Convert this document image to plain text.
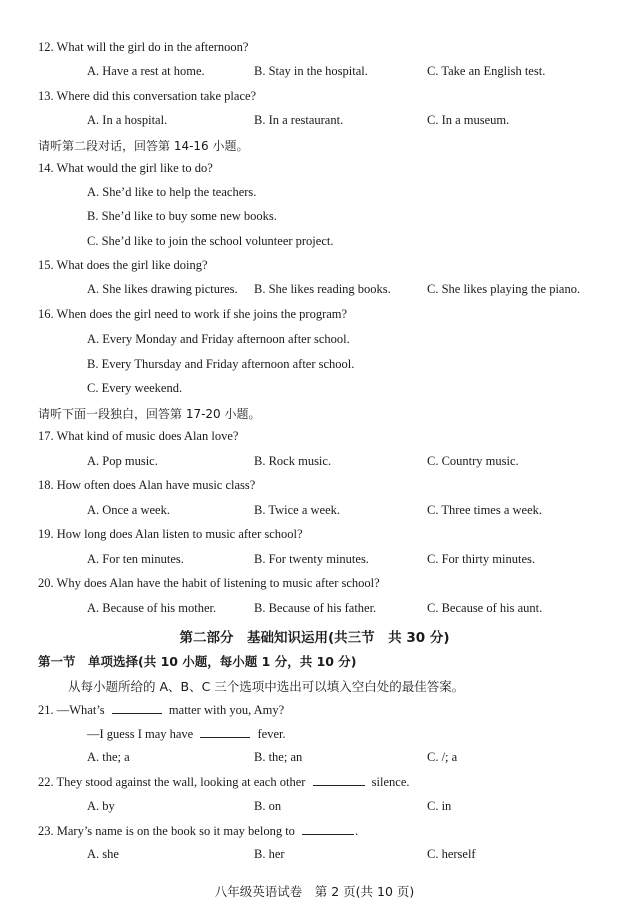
12. What will the girl do in the afternoon?
A. Have a rest at home.	B. Stay in the hospital.	C. Take an English test.
13. Where did this conversation take place?
A. In a hospital.	B. In a restaurant.	C. In a museum.
请听第二段对话，回答第 14-16 小题。
14. What would the girl like to do?
A. She’d like to help the teachers.
B. She’d like to buy some new books.
C. She’d like to join the school volunteer project.
15. What does the girl like doing?
A. She likes drawing pictures. B. She likes reading books.	C. She likes playing the piano.
16. When does the girl need to work if she joins the program?
A. Every Monday and Friday afternoon after school.
B. Every Thursday and Friday afternoon after school.
C. Every weekend.
请听下面一段独白，回答第 17-20 小题。
17. What kind of music does Alan love?
A. Pop music.	B. Rock music.	C. Country music.
18. How often does Alan have music class?
A. Once a week.	B. Twice a week.	C. Three times a week.
19. How long does Alan listen to music after school?
A. For ten minutes.	B. For twenty minutes.	C. For thirty minutes.
20. Why does Alan have the habit of listening to music after school?
A. Because of his mother.	B. Because of his father.	C. Because of his aunt.
第二部分　基础知识运用(共三节　共 30 分)
第一节　单项选择(共 10 小题，每小题 1 分，共 10 分)
从每小题所给的 A、B、C 三个选项中选出可以填入空白处的最佳答案。
21. —What’s	matter with you, Amy?
—I guess I may have	fever.
A. the; a	B. the; an	C. /; a
22. They stood against the wall, looking at each other	silence.
A. by	B. on	C. in
23. Mary’s name is on the book so it may belong to	.
A. she	B. her	C. herself
八年级英语试卷　第 2 页(共 10 页)
